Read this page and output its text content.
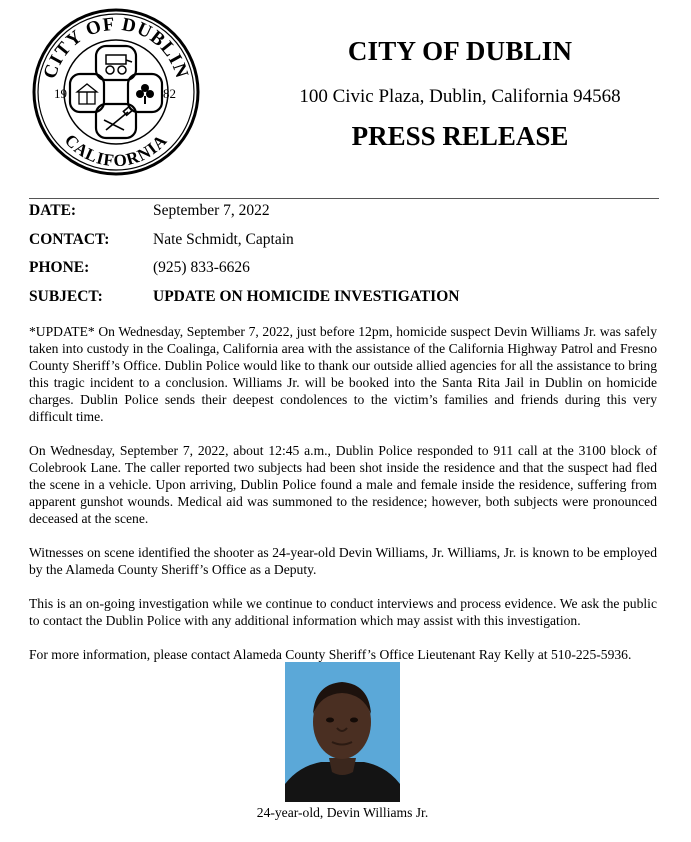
CITY OF DUBLIN
CALIFORNIA
19	82
CITY OF DUBLIN
100 Civic Plaza, Dublin, California 94568
PRESS RELEASE
DATE:	September 7, 2022
CONTACT:	Nate Schmidt, Captain
PHONE:	(925) 833-6626
SUBJECT:	UPDATE ON HOMICIDE INVESTIGATION

*UPDATE* On Wednesday, September 7, 2022, just before 12pm, homicide suspect Devin Williams Jr. was safely taken into custody in the Coalinga, California area with the assistance of the California Highway Patrol and Fresno County Sheriff’s Office. Dublin Police would like to thank our outside allied agencies for all the assistance to bring this tragic incident to a conclusion. Williams Jr. will be booked into the Santa Rita Jail in Dublin on homicide charges. Dublin Police sends their deepest condolences to the victim’s families and friends during this very difficult time.

On Wednesday, September 7, 2022, about 12:45 a.m., Dublin Police responded to 911 call at the 3100 block of Colebrook Lane. The caller reported two subjects had been shot inside the residence and that the suspect had fled the scene in a vehicle. Upon arriving, Dublin Police found a male and female inside the residence, suffering from apparent gunshot wounds. Medical aid was summoned to the residence; however, both subjects were pronounced deceased at the scene.

Witnesses on scene identified the shooter as 24-year-old Devin Williams, Jr. Williams, Jr. is known to be employed by the Alameda County Sheriff’s Office as a Deputy.

This is an on-going investigation while we continue to conduct interviews and process evidence. We ask the public to contact the Dublin Police with any additional information which may assist with this investigation.

For more information, please contact Alameda County Sheriff’s Office Lieutenant Ray Kelly at 510-225-5936.

24-year-old, Devin Williams Jr.
